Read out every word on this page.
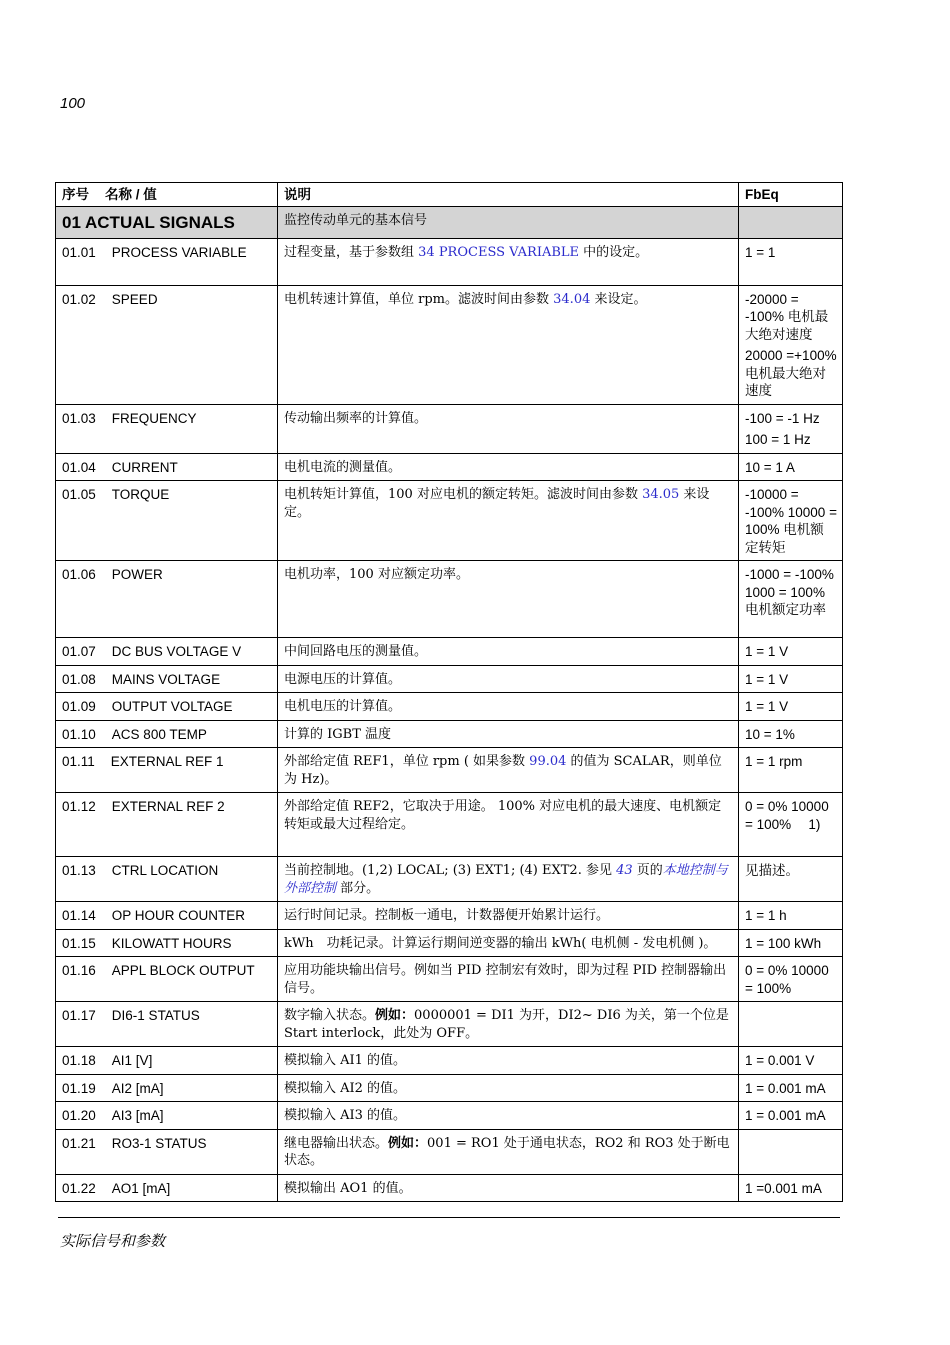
100
序号 名称 / 值	说明	FbEq
01 ACTUAL SIGNALS	监控传动单元的基本信号	
01.01 PROCESS VARIABLE	过程变量，基于参数组 34 PROCESS VARIABLE 中的设定。	1 = 1
01.02 SPEED	电机转速计算值，单位 rpm。滤波时间由参数 34.04 来设定。	-20000 = -100% 电机最大绝对速度
20000 =+100% 电机最大绝对速度

01.03 FREQUENCY	传动输出频率的计算值。	-100 = -1 Hz
100 = 1 Hz

01.04 CURRENT	电机电流的测量值。	10 = 1 A
01.05 TORQUE	电机转矩计算值，100 对应电机的额定转矩。滤波时间由参数 34.05 来设定。	-10000 = -100% 10000 = 100% 电机额定转矩
01.06 POWER	电机功率，100 对应额定功率。	-1000 = -100% 1000 = 100% 电机额定功率
01.07 DC BUS VOLTAGE V	中间回路电压的测量值。	1 = 1 V
01.08 MAINS VOLTAGE	电源电压的计算值。	1 = 1 V
01.09 OUTPUT VOLTAGE	电机电压的计算值。	1 = 1 V
01.10 ACS 800 TEMP	计算的 IGBT 温度	10 = 1%
01.11 EXTERNAL REF 1	外部给定值 REF1，单位 rpm ( 如果参数 99.04 的值为 SCALAR，则单位为 Hz)。	1 = 1 rpm
01.12 EXTERNAL REF 2	外部给定值 REF2，它取决于用途。 100% 对应电机的最大速度、电机额定转矩或最大过程给定。	0 = 0% 10000 = 100%　 1)
01.13 CTRL LOCATION	当前控制地。(1,2) LOCAL; (3) EXT1; (4) EXT2. 参见 43 页的本地控制与外部控制 部分。	见描述。
01.14 OP HOUR COUNTER	运行时间记录。控制板一通电，计数器便开始累计运行。	1 = 1 h
01.15 KILOWATT HOURS	kWh　功耗记录。计算运行期间逆变器的输出 kWh( 电机侧 - 发电机侧 )。	1 = 100 kWh
01.16 APPL BLOCK OUTPUT	应用功能块输出信号。例如当 PID 控制宏有效时，即为过程 PID 控制器输出信号。	0 = 0% 10000 = 100%
01.17 DI6-1 STATUS	数字输入状态。例如：0000001 = DI1 为开，DI2~ DI6 为关，第一个位是 Start interlock，此处为 OFF。	
01.18 AI1 [V]	模拟输入 AI1 的值。	1 = 0.001 V
01.19 AI2 [mA]	模拟输入 AI2 的值。	1 = 0.001 mA
01.20 AI3 [mA]	模拟输入 AI3 的值。	1 = 0.001 mA
01.21 RO3-1 STATUS	继电器输出状态。例如：001 = RO1 处于通电状态，RO2 和 RO3 处于断电状态。	
01.22 AO1 [mA]	模拟输出 AO1 的值。	1 =0.001 mA
实际信号和参数
